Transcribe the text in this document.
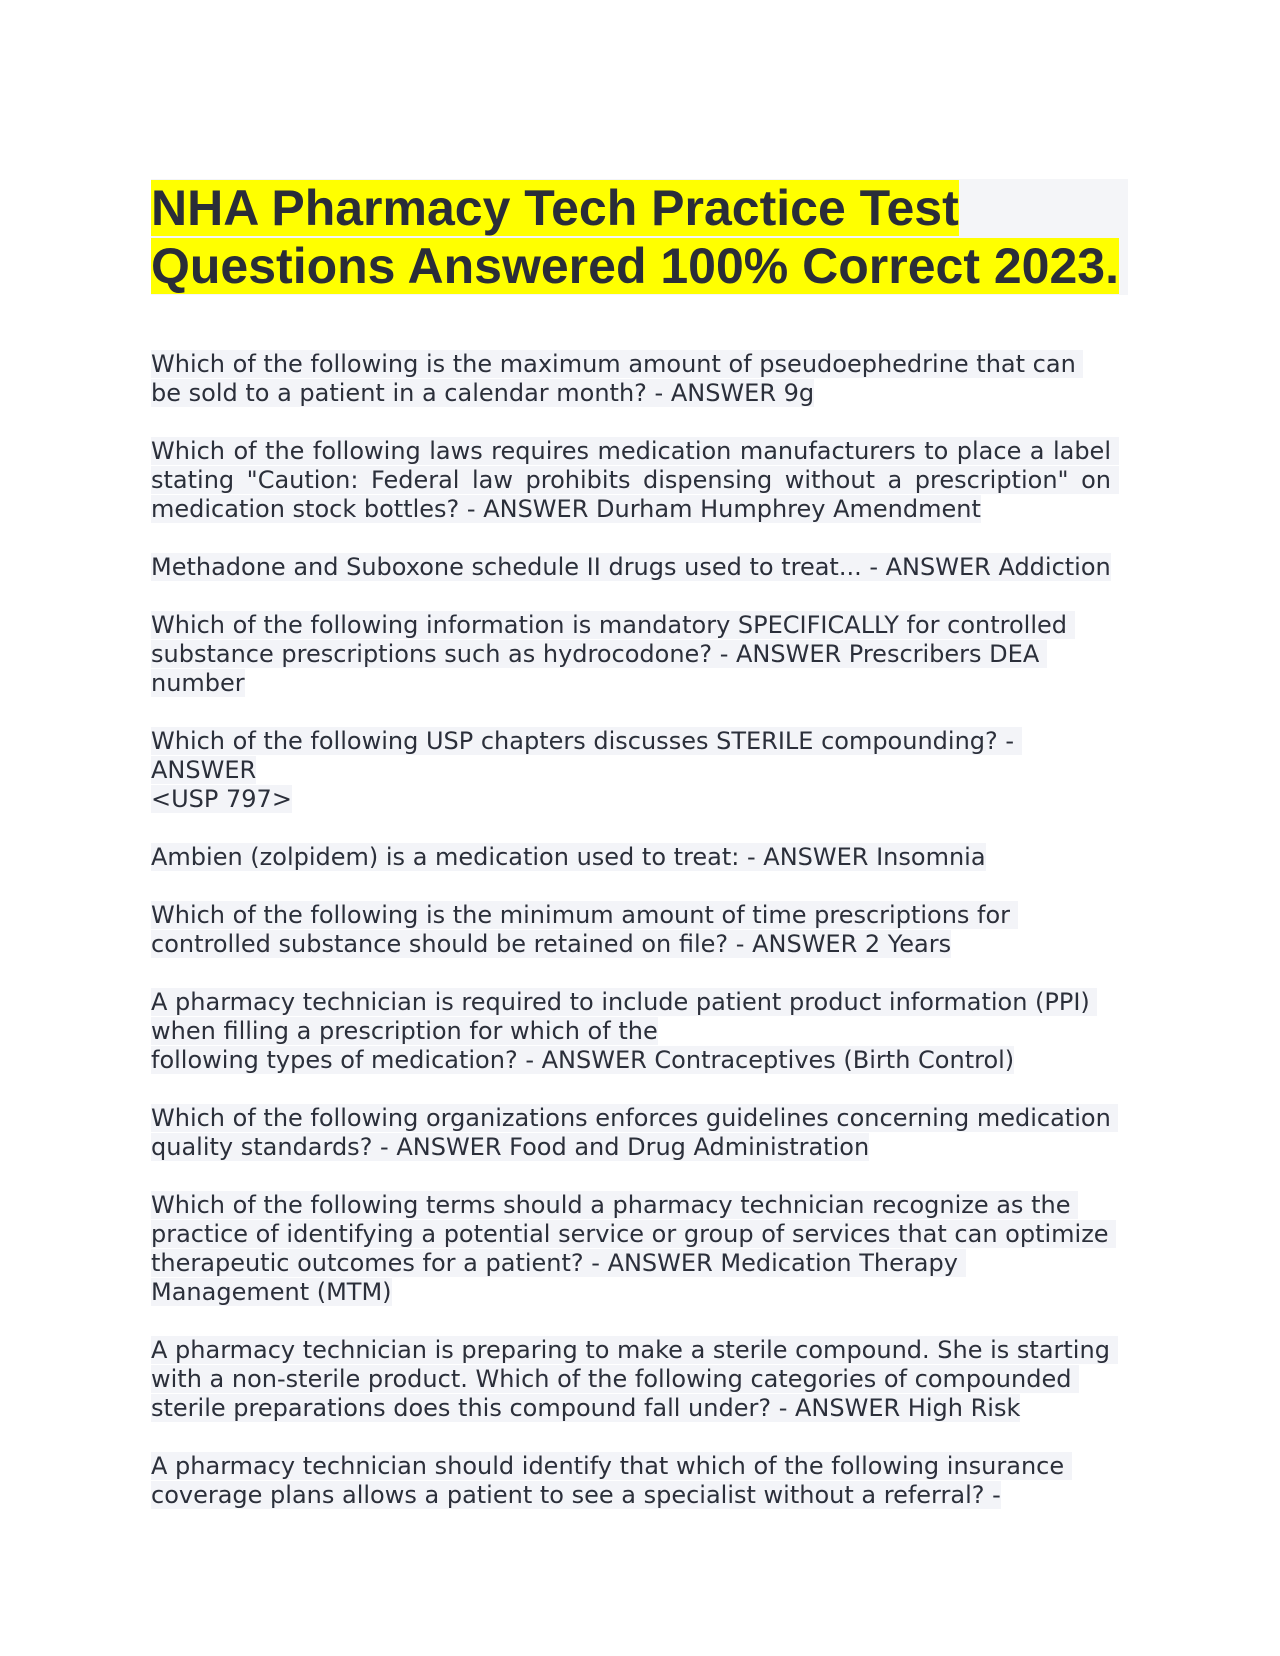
NHA Pharmacy Tech Practice Test Questions Answered 100% Correct 2023.

Which of the following is the maximum amount of pseudoephedrine that can be sold to a patient in a calendar month? - ANSWER 9g

Which of the following laws requires medication manufacturers to place a label stating "Caution: Federal law prohibits dispensing without a prescription" on medication stock bottles? - ANSWER Durham Humphrey Amendment

Methadone and Suboxone schedule II drugs used to treat... - ANSWER Addiction

Which of the following information is mandatory SPECIFICALLY for controlled substance prescriptions such as hydrocodone? - ANSWER Prescribers DEA number

Which of the following USP chapters discusses STERILE compounding? - ANSWER
<USP 797>

Ambien (zolpidem) is a medication used to treat: - ANSWER Insomnia

Which of the following is the minimum amount of time prescriptions for controlled substance should be retained on file? - ANSWER 2 Years

A pharmacy technician is required to include patient product information (PPI) when filling a prescription for which of the
following types of medication? - ANSWER Contraceptives (Birth Control)

Which of the following organizations enforces guidelines concerning medication quality standards? - ANSWER Food and Drug Administration

Which of the following terms should a pharmacy technician recognize as the practice of identifying a potential service or group of services that can optimize therapeutic outcomes for a patient? - ANSWER Medication Therapy Management (MTM)

A pharmacy technician is preparing to make a sterile compound. She is starting with a non-sterile product. Which of the following categories of compounded sterile preparations does this compound fall under? - ANSWER High Risk

A pharmacy technician should identify that which of the following insurance coverage plans allows a patient to see a specialist without a referral? -
